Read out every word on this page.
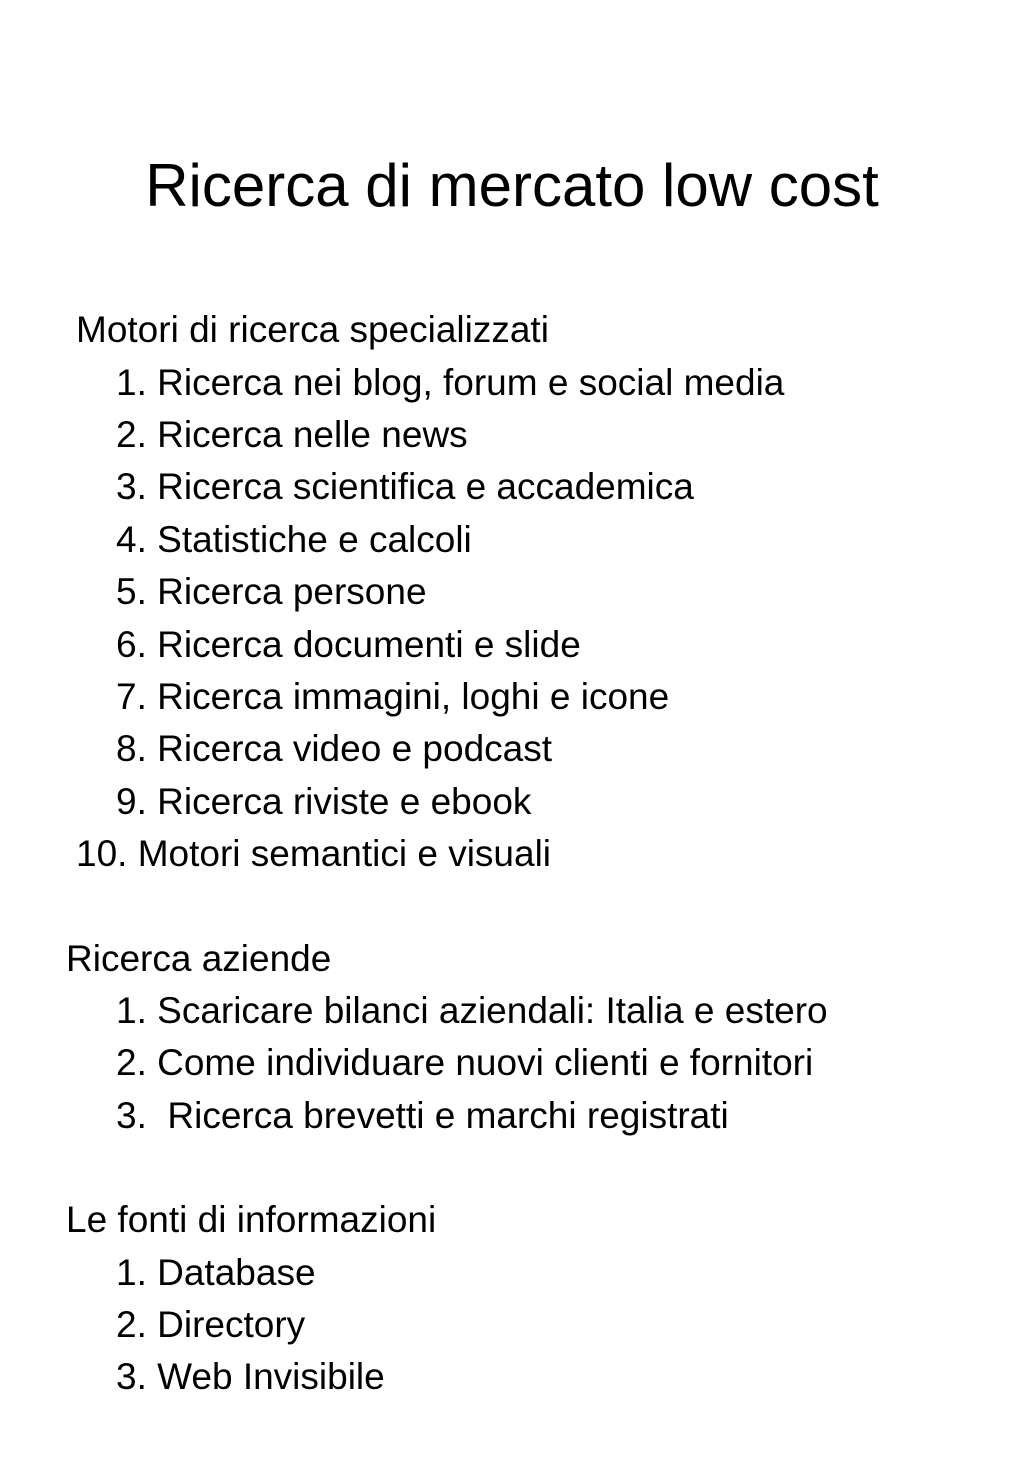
Ricerca di mercato low cost
Motori di ricerca specializzati
1. Ricerca nei blog, forum e social media
2. Ricerca nelle news
3. Ricerca scientifica e accademica
4. Statistiche e calcoli
5. Ricerca persone
6. Ricerca documenti e slide
7. Ricerca immagini, loghi e icone
8. Ricerca video e podcast
9. Ricerca riviste e ebook
10. Motori semantici e visuali
Ricerca aziende
1. Scaricare bilanci aziendali: Italia e estero
2. Come individuare nuovi clienti e fornitori
3.  Ricerca brevetti e marchi registrati
Le fonti di informazioni
1. Database
2. Directory
3. Web Invisibile
